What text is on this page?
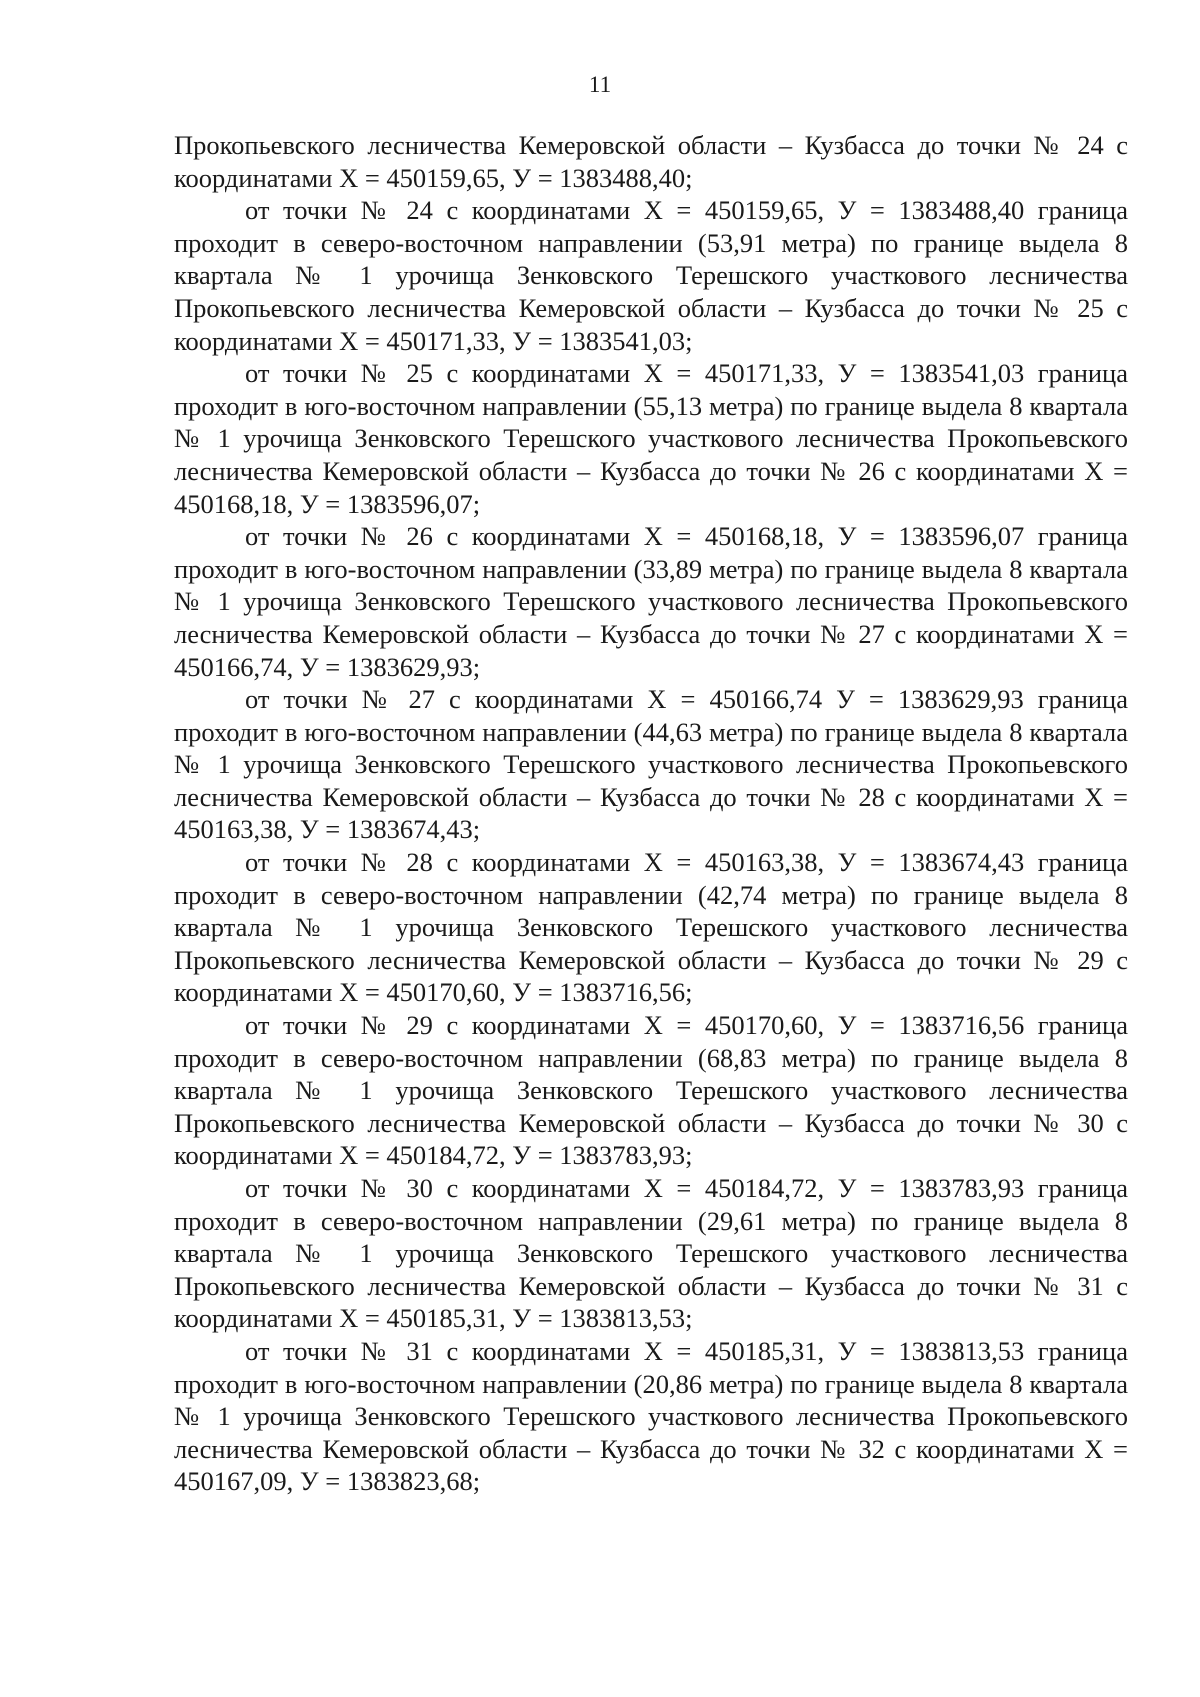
11

Прокопьевского лесничества Кемеровской области – Кузбасса до точки № 24 с координатами Х = 450159,65, У = 1383488,40;

от точки № 24 с координатами Х = 450159,65, У = 1383488,40 граница проходит в северо-восточном направлении (53,91 метра) по границе выдела 8 квартала № 1 урочища Зенковского Терешского участкового лесничества Прокопьевского лесничества Кемеровской области – Кузбасса до точки № 25 с координатами Х = 450171,33, У = 1383541,03;

от точки № 25 с координатами Х = 450171,33, У = 1383541,03 граница проходит в юго-восточном направлении (55,13 метра) по границе выдела 8 квартала № 1 урочища Зенковского Терешского участкового лесничества Прокопьевского лесничества Кемеровской области – Кузбасса до точки № 26 с координатами Х = 450168,18, У = 1383596,07;

от точки № 26 с координатами Х = 450168,18, У = 1383596,07 граница проходит в юго-восточном направлении (33,89 метра) по границе выдела 8 квартала № 1 урочища Зенковского Терешского участкового лесничества Прокопьевского лесничества Кемеровской области – Кузбасса до точки № 27 с координатами Х = 450166,74, У = 1383629,93;

от точки № 27 с координатами Х = 450166,74 У = 1383629,93 граница проходит в юго-восточном направлении (44,63 метра) по границе выдела 8 квартала № 1 урочища Зенковского Терешского участкового лесничества Прокопьевского лесничества Кемеровской области – Кузбасса до точки № 28 с координатами Х = 450163,38, У = 1383674,43;

от точки № 28 с координатами Х = 450163,38, У = 1383674,43 граница проходит в северо-восточном направлении (42,74 метра) по границе выдела 8 квартала № 1 урочища Зенковского Терешского участкового лесничества Прокопьевского лесничества Кемеровской области – Кузбасса до точки № 29 с координатами Х = 450170,60, У = 1383716,56;

от точки № 29 с координатами Х = 450170,60, У = 1383716,56 граница проходит в северо-восточном направлении (68,83 метра) по границе выдела 8 квартала № 1 урочища Зенковского Терешского участкового лесничества Прокопьевского лесничества Кемеровской области – Кузбасса до точки № 30 с координатами Х = 450184,72, У = 1383783,93;

от точки № 30 с координатами Х = 450184,72, У = 1383783,93 граница проходит в северо-восточном направлении (29,61 метра) по границе выдела 8 квартала № 1 урочища Зенковского Терешского участкового лесничества Прокопьевского лесничества Кемеровской области – Кузбасса до точки № 31 с координатами Х = 450185,31, У = 1383813,53;

от точки № 31 с координатами Х = 450185,31, У = 1383813,53 граница проходит в юго-восточном направлении (20,86 метра) по границе выдела 8 квартала № 1 урочища Зенковского Терешского участкового лесничества Прокопьевского лесничества Кемеровской области – Кузбасса до точки № 32 с координатами Х = 450167,09, У = 1383823,68;
